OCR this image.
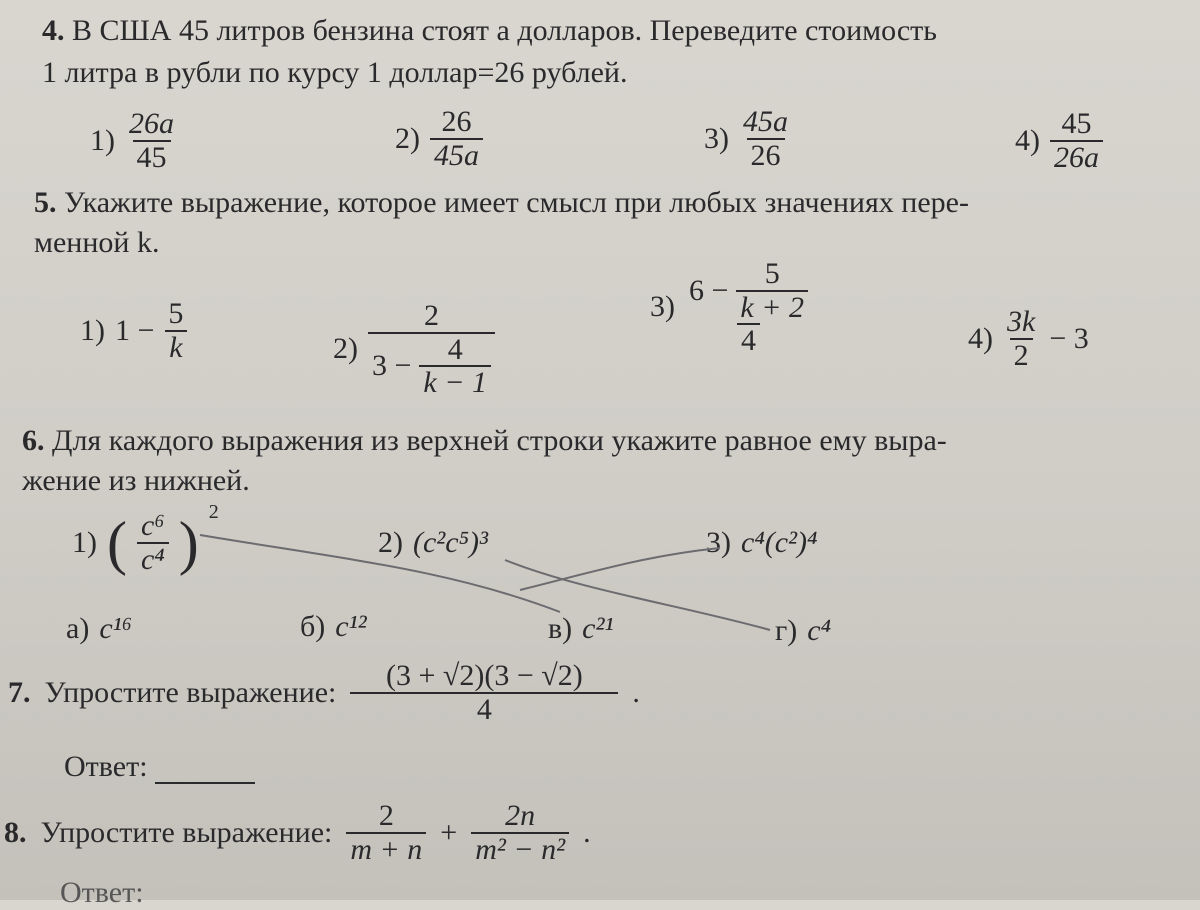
4. В США 45 литров бензина стоят a долларов. Переведите стоимость
1 литра в рубли по курсу 1 доллар=26 рублей.
$1) \frac{26a}{45}$	$2) \frac{26}{45a}$	$3) \frac{45a}{26}$	$4) \frac{45}{26a}$
5. Укажите выражение, которое имеет смысл при любых значениях пере-
менной k.
1) $1 - \frac{5}{k}$	$2) \frac{2}{3 - \frac{4}{k - 1}}$	$3) \frac{6 - \frac{5}{k + 2}}{4}$	$4) \frac{3k}{2} - 3$
6. Для каждого выражения из верхней строки укажите равное ему выра-
жение из нижней.
1) ( $\frac{\text{c⁶}}{\text{c⁴}}$ ) 2
2) (c²c⁵)³	3) c⁴(c²)⁴
а) c¹⁶	б) c¹²	в) c²¹	г) c⁴
7. Упростите выражение: $\frac{(3 + √2)(3 - √2)}{4}$ .
Ответ:
8. Упростите выражение: $\frac{2}{m + n} + \frac{2n}{\text{m² − n²}}$ .
Ответ:
